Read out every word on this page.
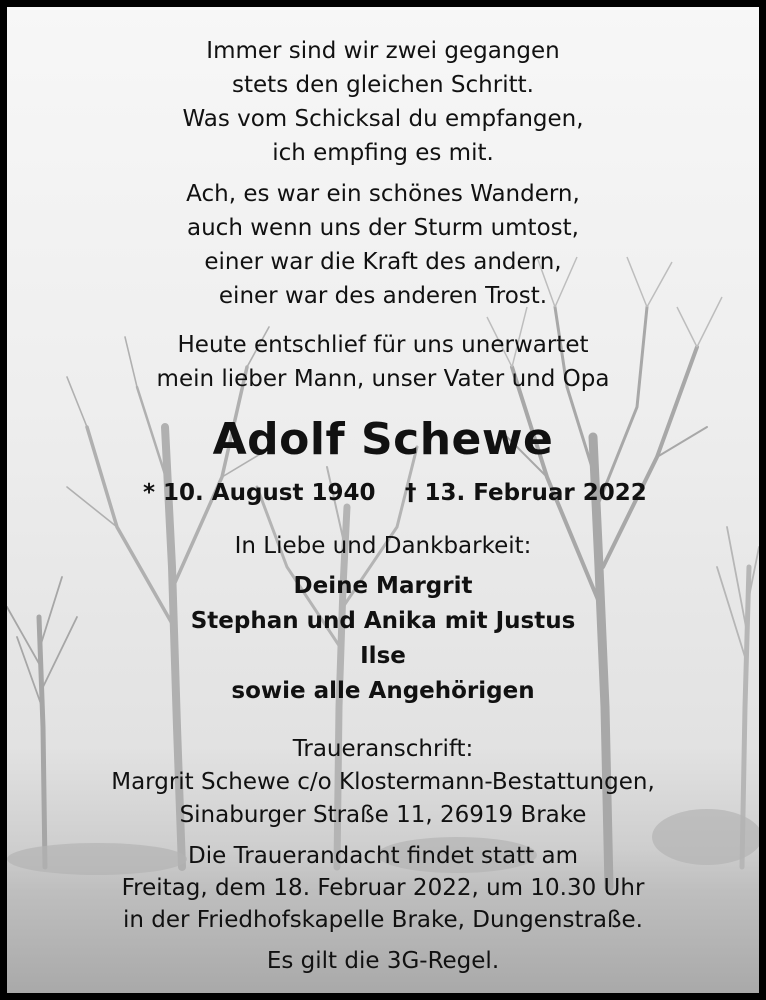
Immer sind wir zwei gegangen
stets den gleichen Schritt.
Was vom Schicksal du empfangen,
ich empfing es mit.
Ach, es war ein schönes Wandern,
auch wenn uns der Sturm umtost,
einer war die Kraft des andern,
einer war des anderen Trost.
Heute entschlief für uns unerwartet
mein lieber Mann, unser Vater und Opa
Adolf Schewe
* 10. August 1940 † 13. Februar 2022
In Liebe und Dankbarkeit:
Deine Margrit
Stephan und Anika mit Justus
Ilse
sowie alle Angehörigen
Traueranschrift:
Margrit Schewe c/o Klostermann-Bestattungen,
Sinaburger Straße 11, 26919 Brake
Die Trauerandacht findet statt am
Freitag, dem 18. Februar 2022, um 10.30 Uhr
in der Friedhofskapelle Brake, Dungenstraße.
Es gilt die 3G-Regel.
